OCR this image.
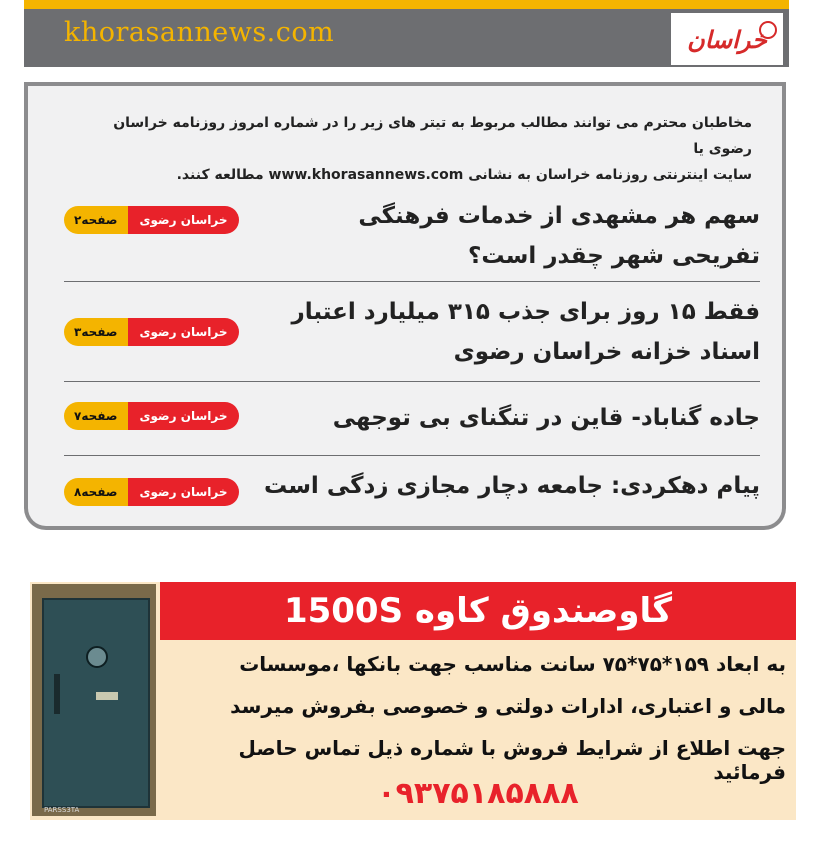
khorasannews.com	خراسان
مخاطبان محترم می توانند مطالب مربوط به تیتر های زیر را در شماره امروز روزنامه خراسان رضوی یا
سایت اینترنتی روزنامه خراسان به نشانی www.khorasannews.com مطالعه کنند.
سهم هر مشهدی از خدمات فرهنگی تفریحی شهر چقدر است؟
صفحه۲	خراسان رضوی
فقط ۱۵ روز برای جذب ۳۱۵ میلیارد اعتبار اسناد خزانه خراسان رضوی
صفحه۳	خراسان رضوی
جاده گناباد- قاین در تنگنای بی توجهی
صفحه۷	خراسان رضوی
پیام دهکردی: جامعه دچار مجازی زدگی است
صفحه۸	خراسان رضوی
PARSS3TA
گاوصندوق کاوه 1500S
به ابعاد ۱۵۹*۷۵*۷۵ سانت مناسب جهت بانکها ،موسسات
مالی و اعتباری، ادارات دولتی و خصوصی بفروش میرسد
جهت اطلاع از شرایط فروش با شماره ذیل تماس حاصل فرمائید
۰۹۳۷۵۱۸۵۸۸۸
